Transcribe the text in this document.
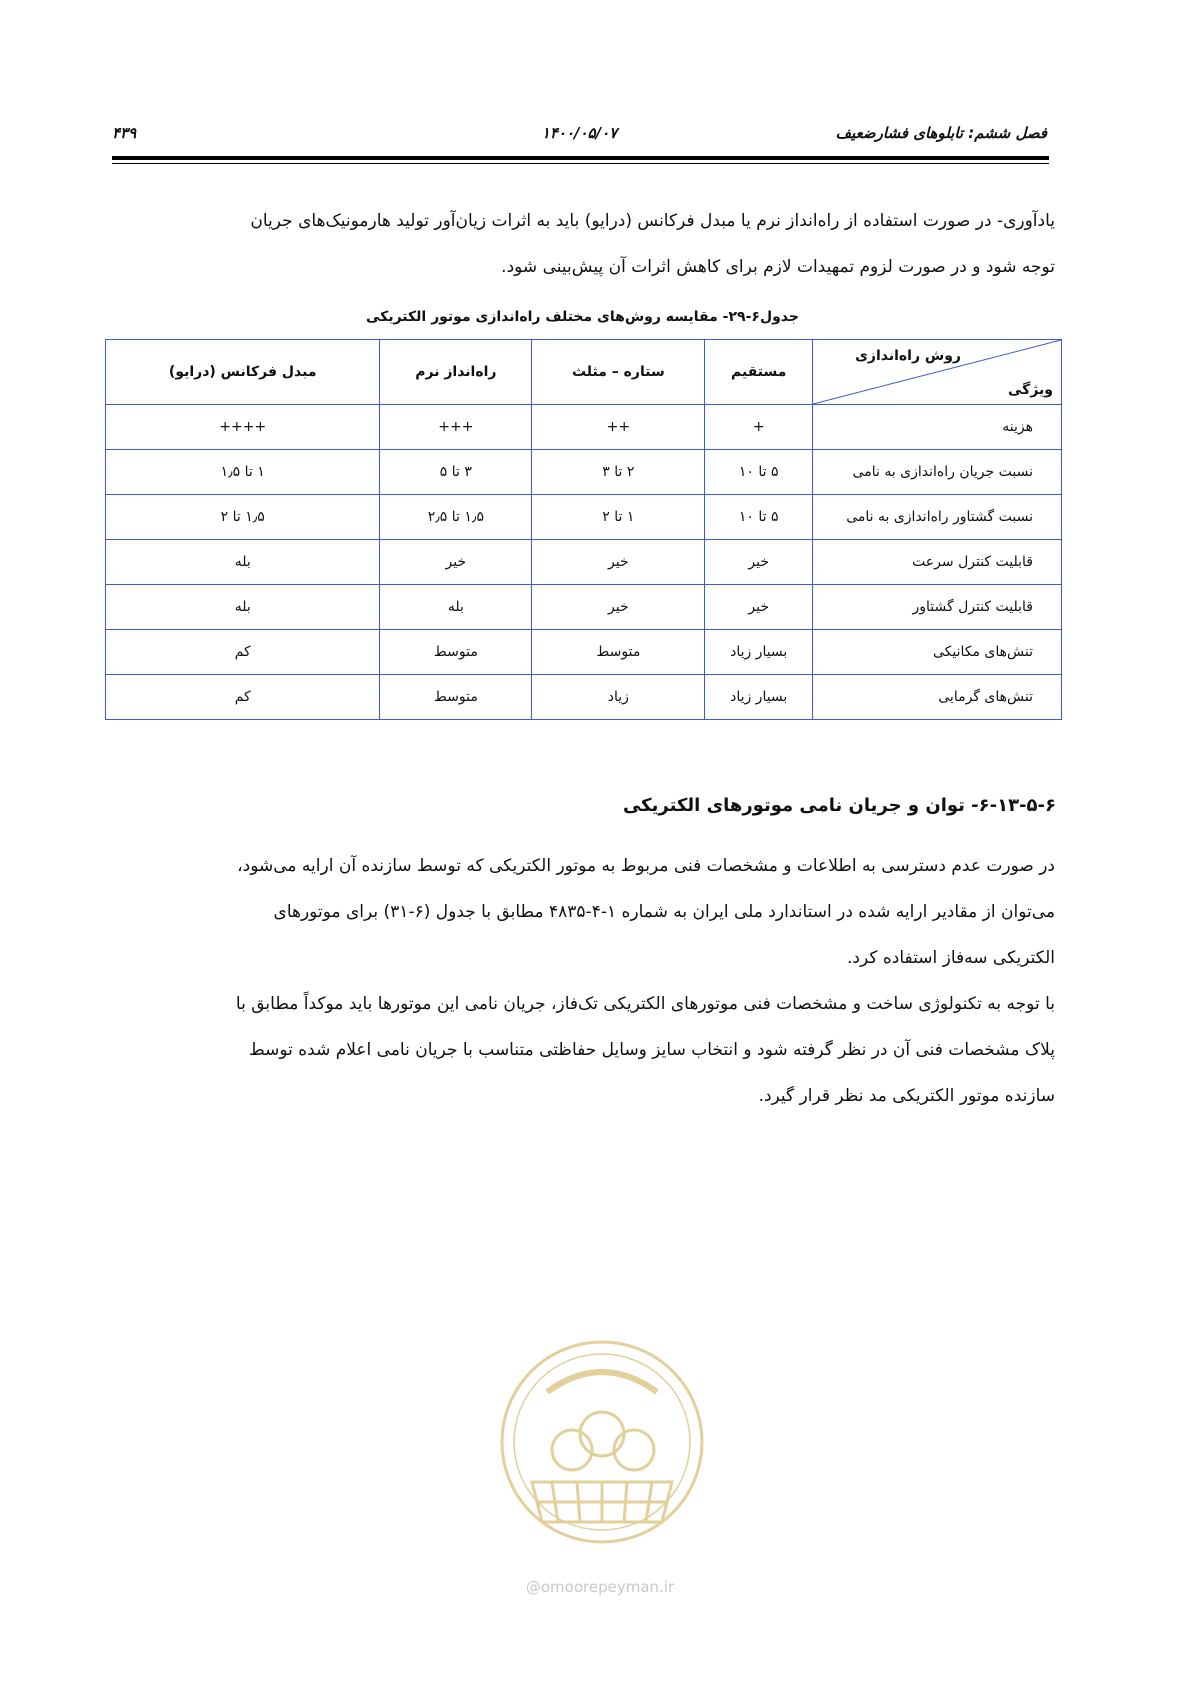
فصل ششم: تابلوهای فشارضعیف
۱۴۰۰/۰۵/۰۷
۴۳۹
یادآوری- در صورت استفاده از راه‌انداز نرم یا مبدل فرکانس (درایو) باید به اثرات زیان‌آور تولید هارمونیک‌های جریان
توجه شود و در صورت لزوم تمهیدات لازم برای کاهش اثرات آن پیش‌بینی شود.
جدول۶-۲۹- مقایسه روش‌های مختلف راه‌اندازی موتور الکتریکی
روش راه‌اندازی
ویژگی	مستقیم	ستاره – مثلث	راه‌انداز نرم	مبدل فرکانس (درایو)
هزینه	+	++	+++	++++
نسبت جریان راه‌اندازی به نامی	۵ تا ۱۰	۲ تا ۳	۳ تا ۵	۱ تا ۱٫۵
نسبت گشتاور راه‌اندازی به نامی	۵ تا ۱۰	۱ تا ۲	۱٫۵ تا ۲٫۵	۱٫۵ تا ۲
قابلیت کنترل سرعت	خیر	خیر	خیر	بله
قابلیت کنترل گشتاور	خیر	خیر	بله	بله
تنش‌های مکانیکی	بسیار زیاد	متوسط	متوسط	کم
تنش‌های گرمایی	بسیار زیاد	زیاد	متوسط	کم
۶-۱۳-۵-۶- توان و جریان نامی موتورهای الکتریکی
در صورت عدم دسترسی به اطلاعات و مشخصات فنی مربوط به موتور الکتریکی که توسط سازنده آن ارایه می‌شود،
می‌توان از مقادیر ارایه شده در استاندارد ملی ایران به شماره ۱-۴-۴۸۳۵ مطابق با جدول (۶-۳۱) برای موتورهای
الکتریکی سه‌فاز استفاده کرد.
با توجه به تکنولوژی ساخت و مشخصات فنی موتورهای الکتریکی تک‌فاز، جریان نامی این موتورها باید موکداً مطابق با
پلاک مشخصات فنی آن در نظر گرفته شود و انتخاب سایز وسایل حفاظتی متناسب با جریان نامی اعلام شده توسط
سازنده موتور الکتریکی مد نظر قرار گیرد.
@omoorepeyman.ir
